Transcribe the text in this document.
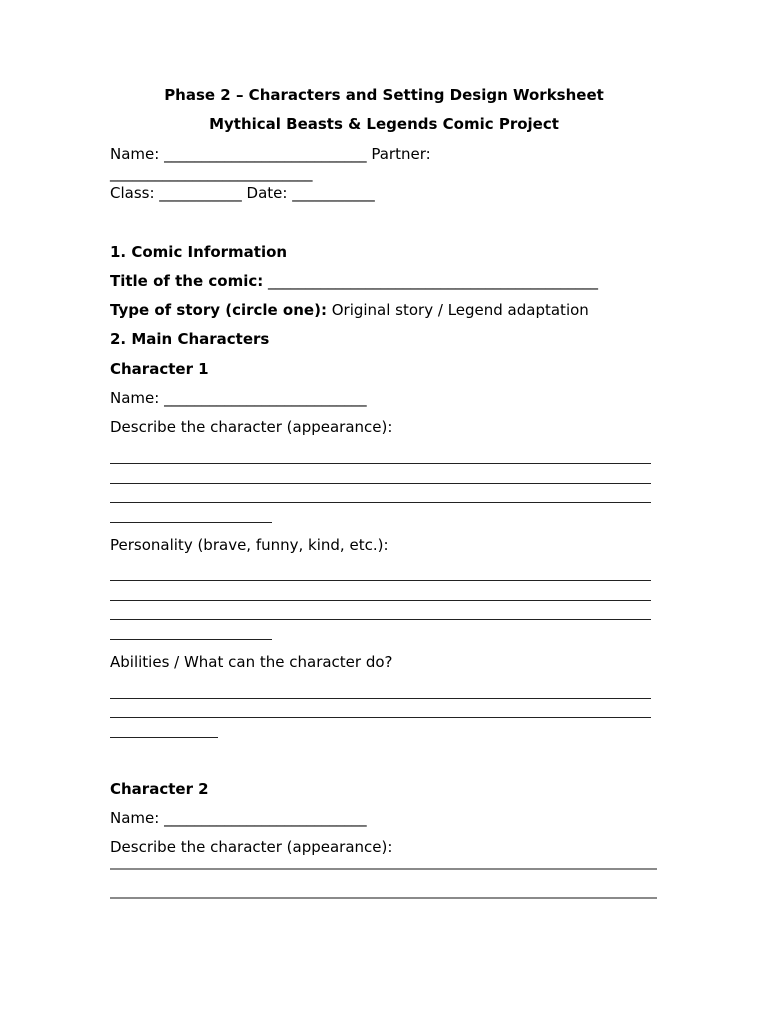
Phase 2 – Characters and Setting Design Worksheet
Mythical Beasts & Legends Comic Project
Name: ___________________________ Partner:
___________________________
Class: ___________ Date: ___________
1. Comic Information
Title of the comic: ____________________________________________
Type of story (circle one): Original story / Legend adaptation
2. Main Characters
Character 1
Name: ___________________________
Describe the character (appearance):
Personality (brave, funny, kind, etc.):
Abilities / What can the character do?
Character 2
Name: ___________________________
Describe the character (appearance):
